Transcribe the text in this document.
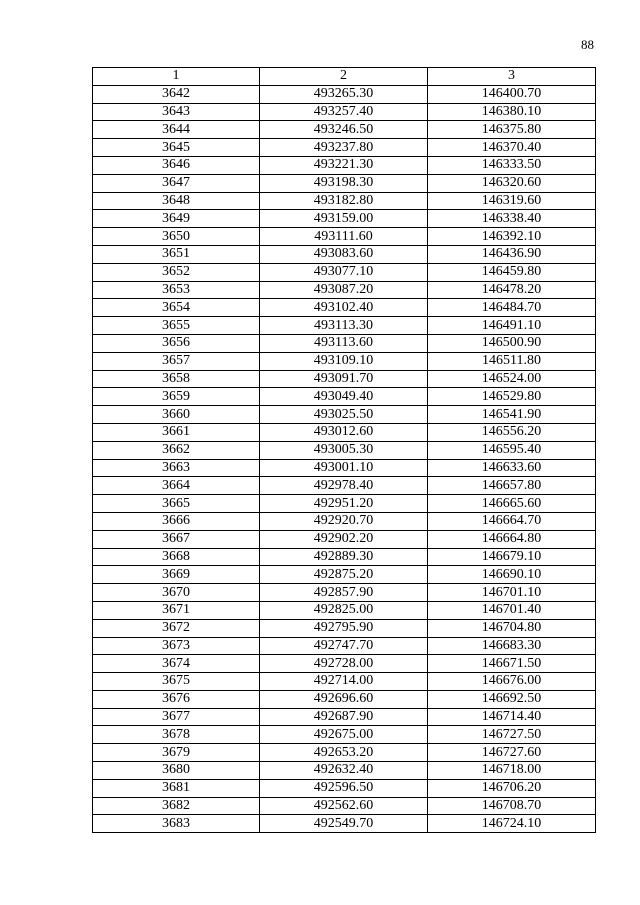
88
1	2	3
3642	493265.30	146400.70
3643	493257.40	146380.10
3644	493246.50	146375.80
3645	493237.80	146370.40
3646	493221.30	146333.50
3647	493198.30	146320.60
3648	493182.80	146319.60
3649	493159.00	146338.40
3650	493111.60	146392.10
3651	493083.60	146436.90
3652	493077.10	146459.80
3653	493087.20	146478.20
3654	493102.40	146484.70
3655	493113.30	146491.10
3656	493113.60	146500.90
3657	493109.10	146511.80
3658	493091.70	146524.00
3659	493049.40	146529.80
3660	493025.50	146541.90
3661	493012.60	146556.20
3662	493005.30	146595.40
3663	493001.10	146633.60
3664	492978.40	146657.80
3665	492951.20	146665.60
3666	492920.70	146664.70
3667	492902.20	146664.80
3668	492889.30	146679.10
3669	492875.20	146690.10
3670	492857.90	146701.10
3671	492825.00	146701.40
3672	492795.90	146704.80
3673	492747.70	146683.30
3674	492728.00	146671.50
3675	492714.00	146676.00
3676	492696.60	146692.50
3677	492687.90	146714.40
3678	492675.00	146727.50
3679	492653.20	146727.60
3680	492632.40	146718.00
3681	492596.50	146706.20
3682	492562.60	146708.70
3683	492549.70	146724.10
